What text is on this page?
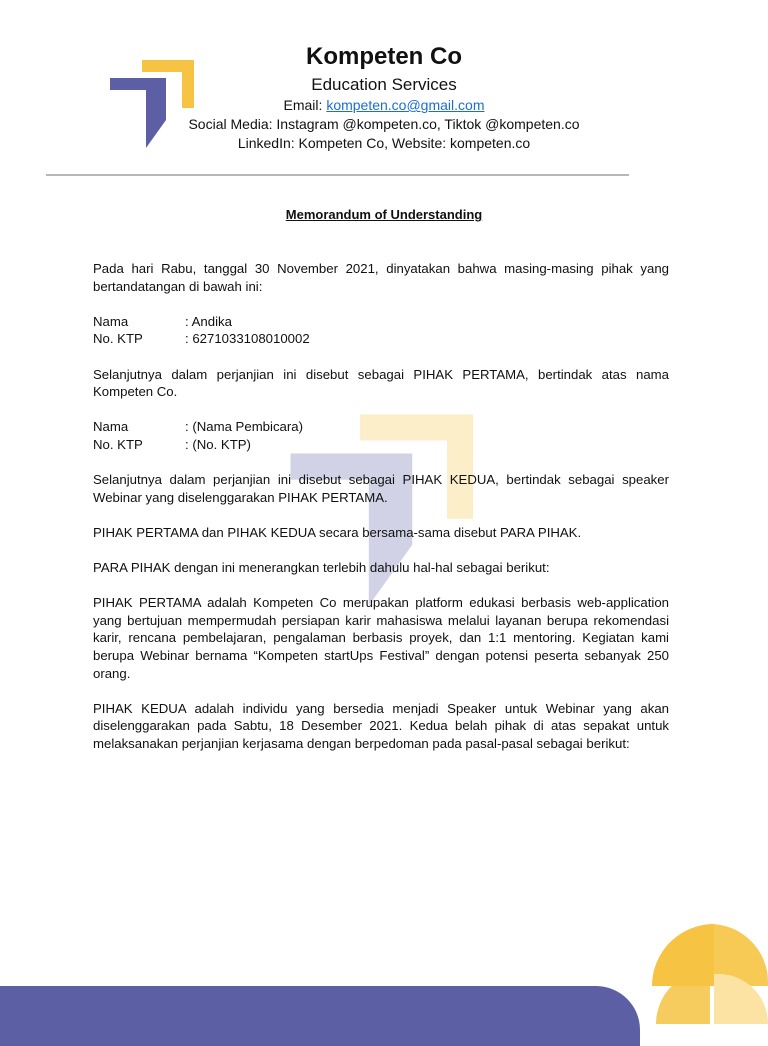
Kompeten Co
Education Services
Email: kompeten.co@gmail.com
Social Media: Instagram @kompeten.co, Tiktok @kompeten.co
LinkedIn: Kompeten Co, Website: kompeten.co
Memorandum of Understanding

Pada hari Rabu, tanggal 30 November 2021, dinyatakan bahwa masing-masing pihak yang bertandatangan di bawah ini:

Nama	: Andika
No. KTP	: 6271033108010002

Selanjutnya dalam perjanjian ini disebut sebagai PIHAK PERTAMA, bertindak atas nama Kompeten Co.

Nama	: (Nama Pembicara)
No. KTP	: (No. KTP)

Selanjutnya dalam perjanjian ini disebut sebagai PIHAK KEDUA, bertindak sebagai speaker Webinar yang diselenggarakan PIHAK PERTAMA.

PIHAK PERTAMA dan PIHAK KEDUA secara bersama-sama disebut PARA PIHAK.

PARA PIHAK dengan ini menerangkan terlebih dahulu hal-hal sebagai berikut:

PIHAK PERTAMA adalah Kompeten Co merupakan platform edukasi berbasis web-application yang bertujuan mempermudah persiapan karir mahasiswa melalui layanan berupa rekomendasi karir, rencana pembelajaran, pengalaman berbasis proyek, dan 1:1 mentoring. Kegiatan kami berupa Webinar bernama “Kompeten startUps Festival” dengan potensi peserta sebanyak 250 orang.

PIHAK KEDUA adalah individu yang bersedia menjadi Speaker untuk Webinar yang akan diselenggarakan pada Sabtu, 18 Desember 2021. Kedua belah pihak di atas sepakat untuk melaksanakan perjanjian kerjasama dengan berpedoman pada pasal-pasal sebagai berikut:
